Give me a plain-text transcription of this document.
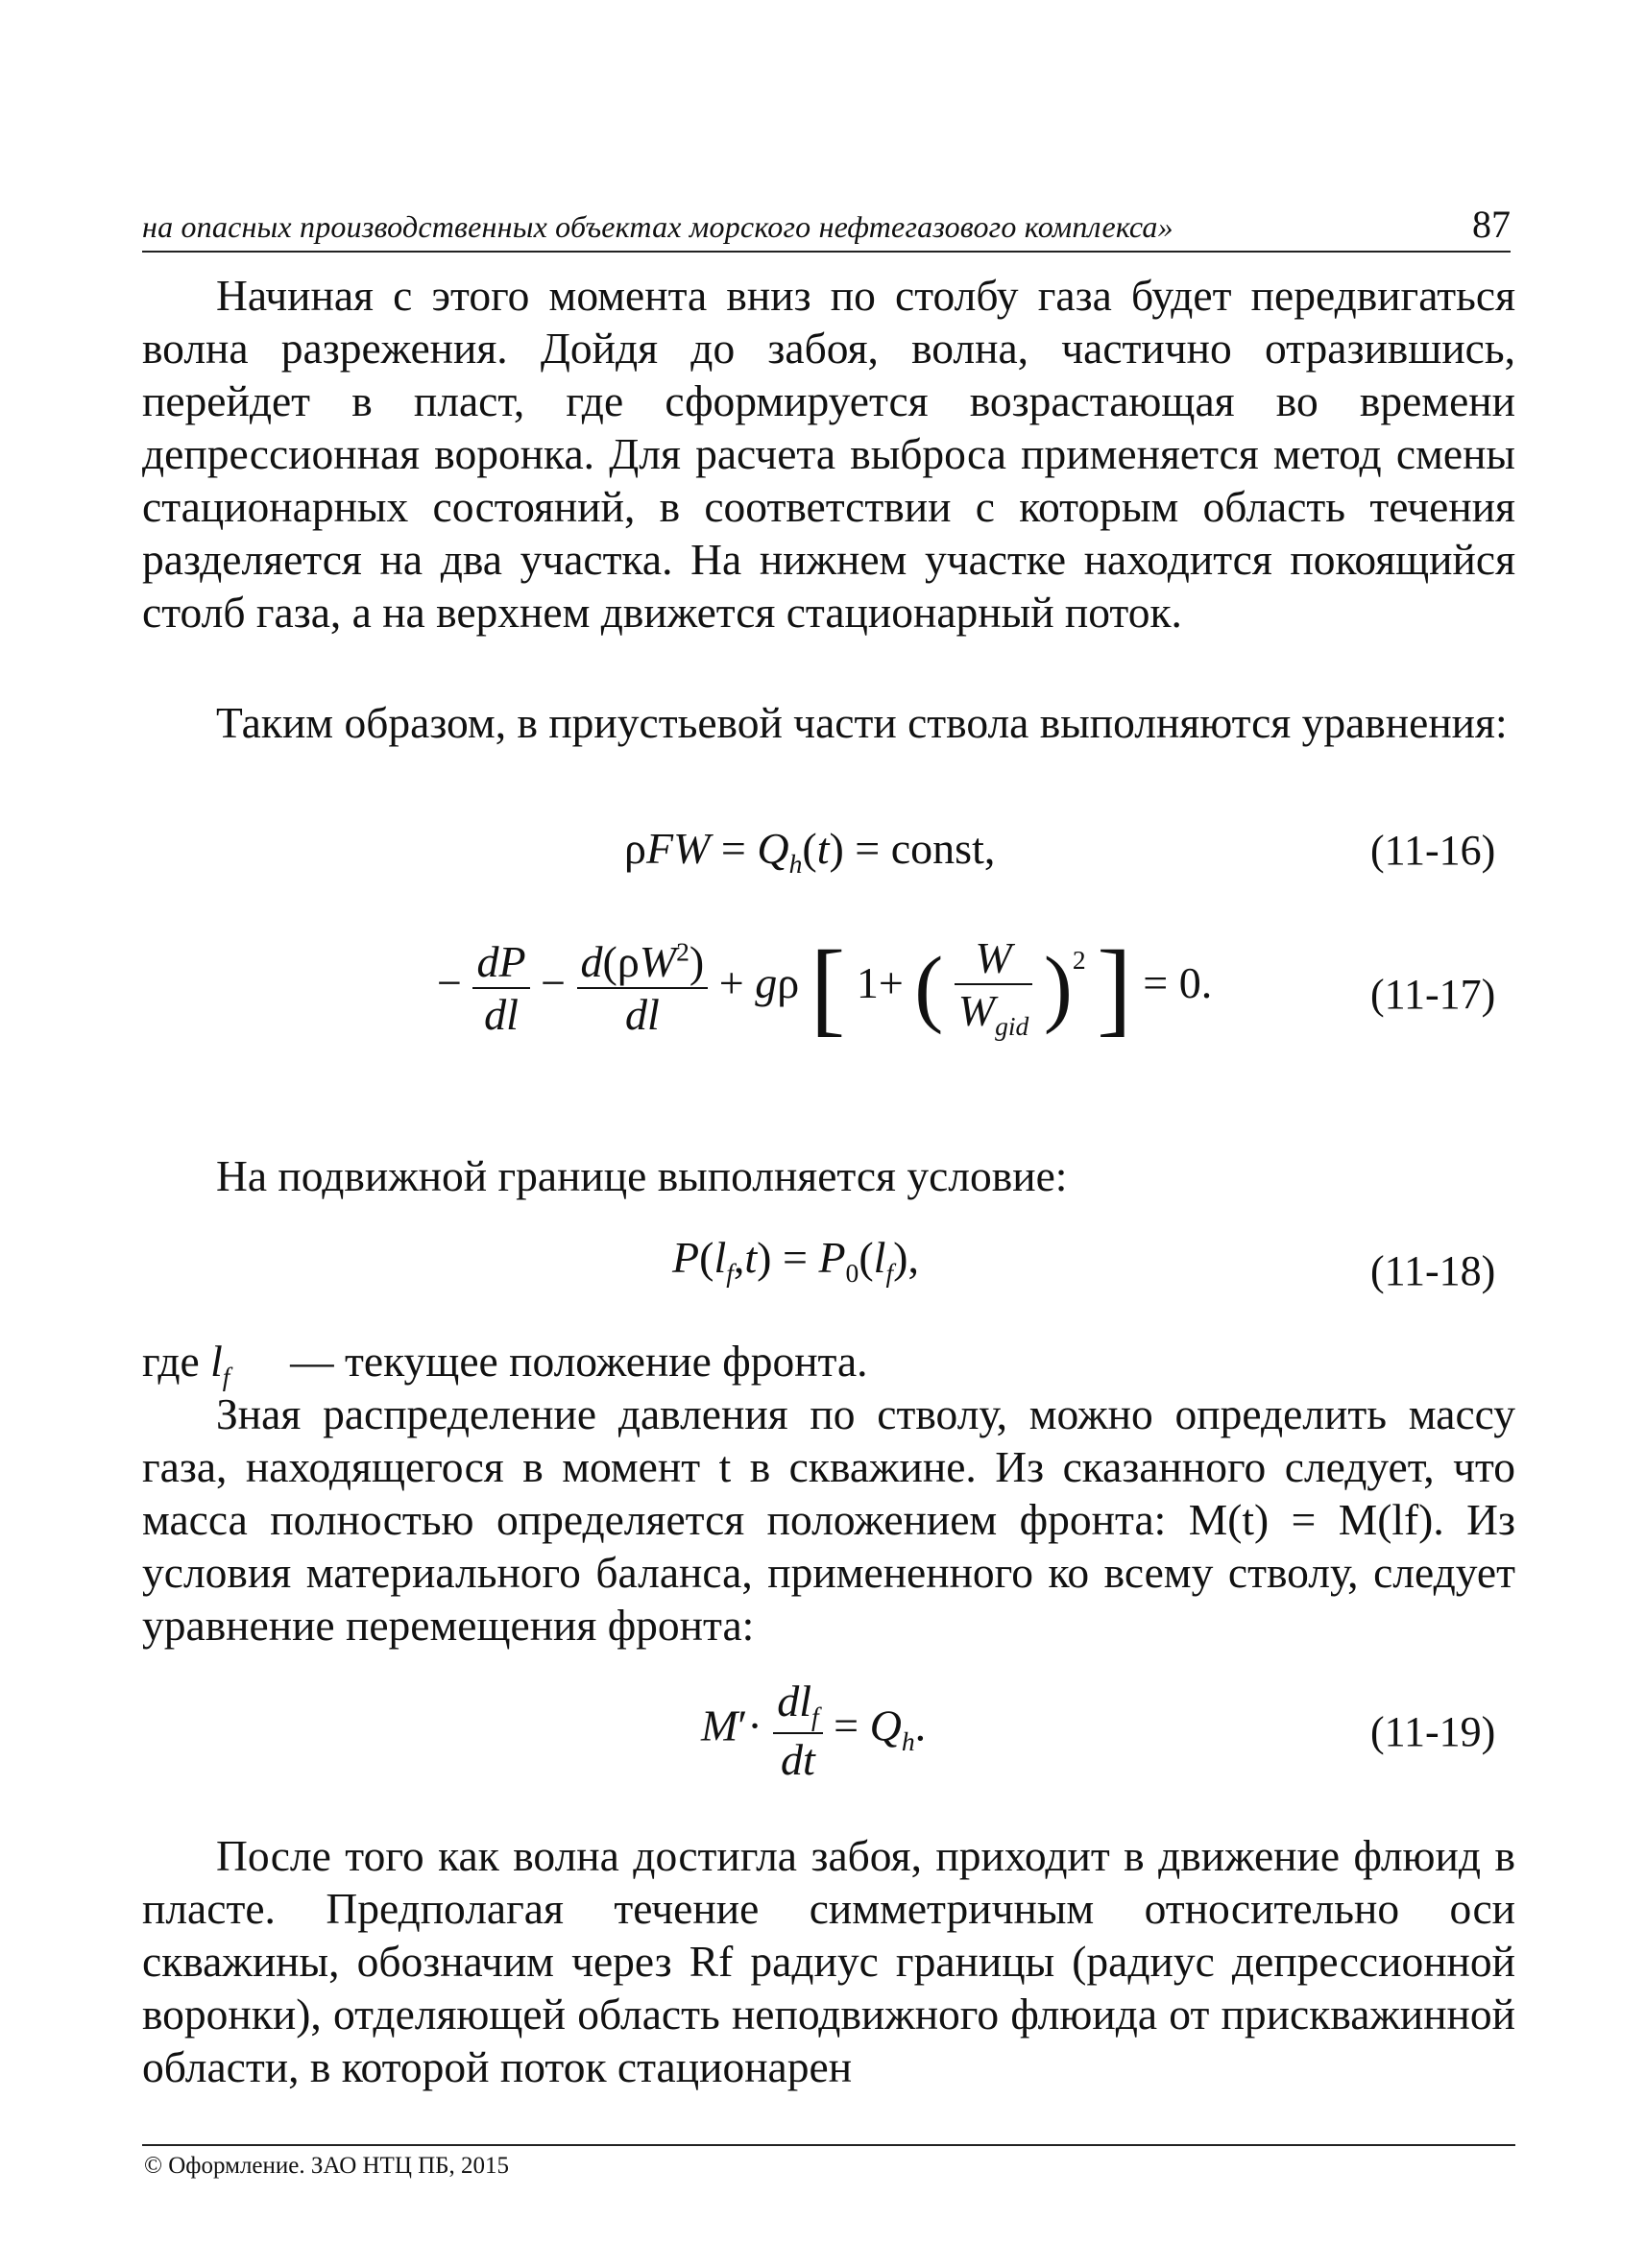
на опасных производственных объектах морского нефтегазового комплекса»	87
Начиная с этого момента вниз по столбу газа будет передвигаться волна разрежения. Дойдя до забоя, волна, частично отразившись, перейдет в пласт, где сформируется возрастающая во времени депрессионная воронка. Для расчета выброса применяется метод смены стационарных состояний, в соответствии с которым область течения разделяется на два участка. На нижнем участке находится покоящийся столб газа, а на верхнем движется стационарный поток.
Таким образом, в приустьевой части ствола выполняются уравнения:
$\rho FW = Q_h(t)$ = const,	(11-16)
− $\frac{dP}{dl} - \frac{d(\rho W^2)}{dl} + g\rho$ [ 1+ ( $\frac{W}{W_{gid}} )^2$ ] = 0.	(11-17)
На подвижной границе выполняется условие:
$P(l_f,t) = P_0(l_f)$,	(11-18)
где $l_f$ — текущее положение фронта.
Зная распределение давления по стволу, можно определить массу газа, находящегося в момент t в скважине. Из сказанного следует, что масса полностью определяется положением фронта: M(t) = M(lf). Из условия материального баланса, примененного ко всему стволу, следует уравнение перемещения фронта:
$M'\cdot \frac{dl_f}{dt} = Q_h$.	(11-19)
После того как волна достигла забоя, приходит в движение флюид в пласте. Предполагая течение симметричным относительно оси скважины, обозначим через Rf радиус границы (радиус депрессионной воронки), отделяющей область неподвижного флюида от прискважинной области, в которой поток стационарен
© Оформление. ЗАО НТЦ ПБ, 2015
